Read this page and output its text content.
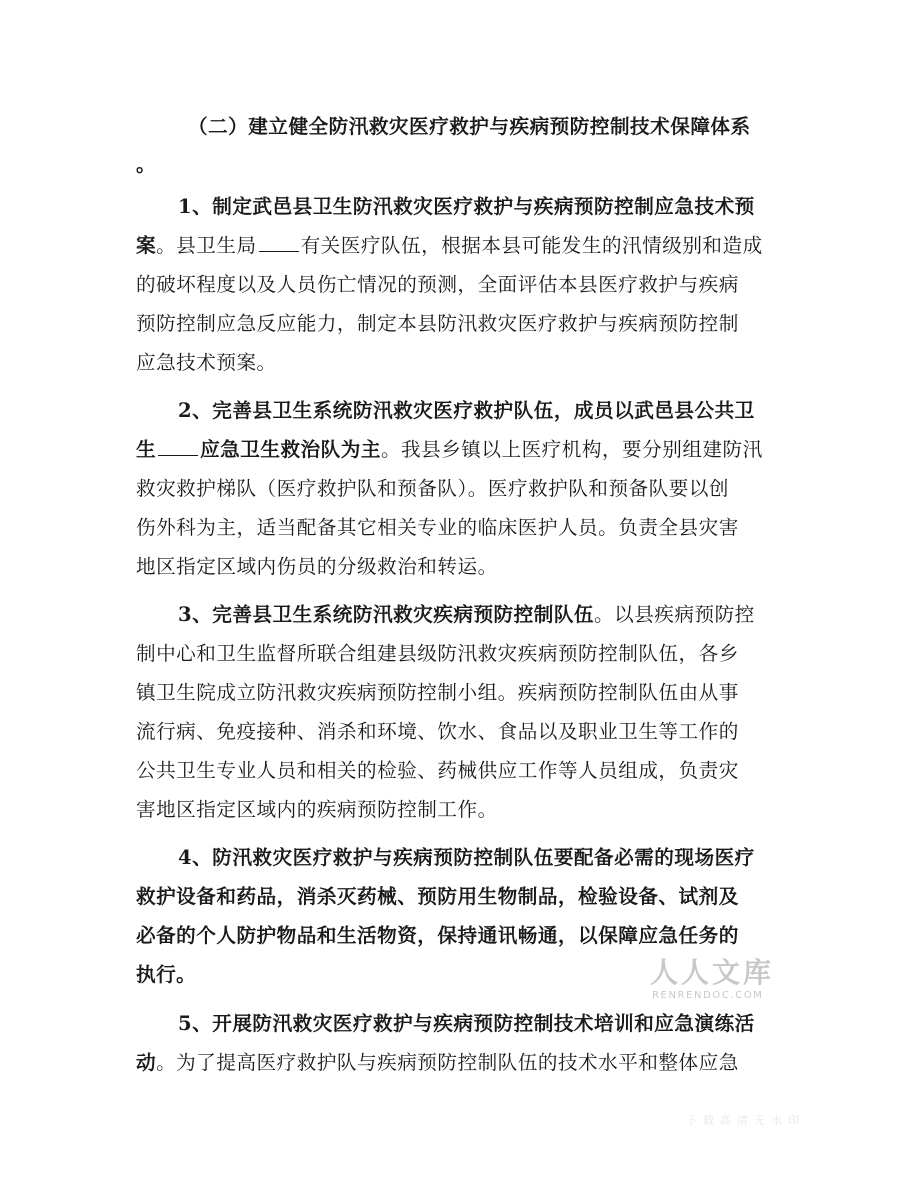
（二）建立健全防汛救灾医疗救护与疾病预防控制技术保障体系
。
1、制定武邑县卫生防汛救灾医疗救护与疾病预防控制应急技术预
案。县卫生局 有关医疗队伍，根据本县可能发生的汛情级别和造成
的破坏程度以及人员伤亡情况的预测，全面评估本县医疗救护与疾病
预防控制应急反应能力，制定本县防汛救灾医疗救护与疾病预防控制
应急技术预案。
2、完善县卫生系统防汛救灾医疗救护队伍，成员以武邑县公共卫
生 应急卫生救治队为主。我县乡镇以上医疗机构，要分别组建防汛
救灾救护梯队（医疗救护队和预备队）。医疗救护队和预备队要以创
伤外科为主，适当配备其它相关专业的临床医护人员。负责全县灾害
地区指定区域内伤员的分级救治和转运。
3、完善县卫生系统防汛救灾疾病预防控制队伍。以县疾病预防控
制中心和卫生监督所联合组建县级防汛救灾疾病预防控制队伍，各乡
镇卫生院成立防汛救灾疾病预防控制小组。疾病预防控制队伍由从事
流行病、免疫接种、消杀和环境、饮水、食品以及职业卫生等工作的
公共卫生专业人员和相关的检验、药械供应工作等人员组成，负责灾
害地区指定区域内的疾病预防控制工作。
4、防汛救灾医疗救护与疾病预防控制队伍要配备必需的现场医疗
救护设备和药品，消杀灭药械、预防用生物制品，检验设备、试剂及
必备的个人防护物品和生活物资，保持通讯畅通，以保障应急任务的
执行。
5、开展防汛救灾医疗救护与疾病预防控制技术培训和应急演练活
动。为了提高医疗救护队与疾病预防控制队伍的技术水平和整体应急
人人文库
RENRENDOC.COM
下载高清无水印
